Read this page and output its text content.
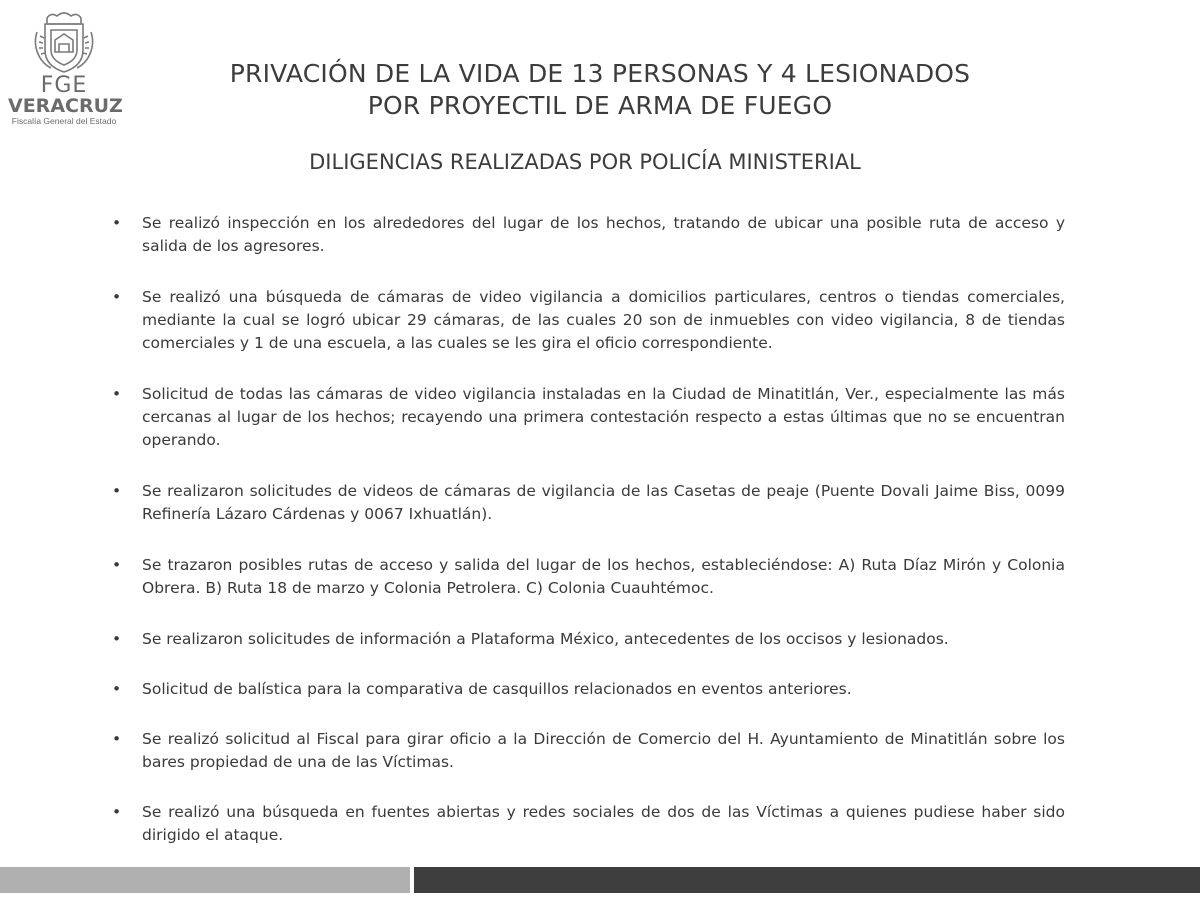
FGE
VERACRUZ
Fiscalía General del Estado
PRIVACIÓN DE LA VIDA DE 13 PERSONAS Y 4 LESIONADOS
POR PROYECTIL DE ARMA DE FUEGO
DILIGENCIAS REALIZADAS POR POLICÍA MINISTERIAL
• Se realizó inspección en los alrededores del lugar de los hechos, tratando de ubicar una posible ruta de acceso y salida de los agresores.
• Se realizó una búsqueda de cámaras de video vigilancia a domicilios particulares, centros o tiendas comerciales, mediante la cual se logró ubicar 29 cámaras, de las cuales 20 son de inmuebles con video vigilancia, 8 de tiendas comerciales y 1 de una escuela, a las cuales se les gira el oficio correspondiente.
• Solicitud de todas las cámaras de video vigilancia instaladas en la Ciudad de Minatitlán, Ver., especialmente las más cercanas al lugar de los hechos; recayendo una primera contestación respecto a estas últimas que no se encuentran operando.
• Se realizaron solicitudes de videos de cámaras de vigilancia de las Casetas de peaje (Puente Dovali Jaime Biss, 0099 Refinería Lázaro Cárdenas y 0067 Ixhuatlán).
• Se trazaron posibles rutas de acceso y salida del lugar de los hechos, estableciéndose: A) Ruta Díaz Mirón y Colonia Obrera. B) Ruta 18 de marzo y Colonia Petrolera. C) Colonia Cuauhtémoc.
• Se realizaron solicitudes de información a Plataforma México, antecedentes de los occisos y lesionados.
• Solicitud de balística para la comparativa de casquillos relacionados en eventos anteriores.
• Se realizó solicitud al Fiscal para girar oficio a la Dirección de Comercio del H. Ayuntamiento de Minatitlán sobre los bares propiedad de una de las Víctimas.
• Se realizó una búsqueda en fuentes abiertas y redes sociales de dos de las Víctimas a quienes pudiese haber sido dirigido el ataque.
